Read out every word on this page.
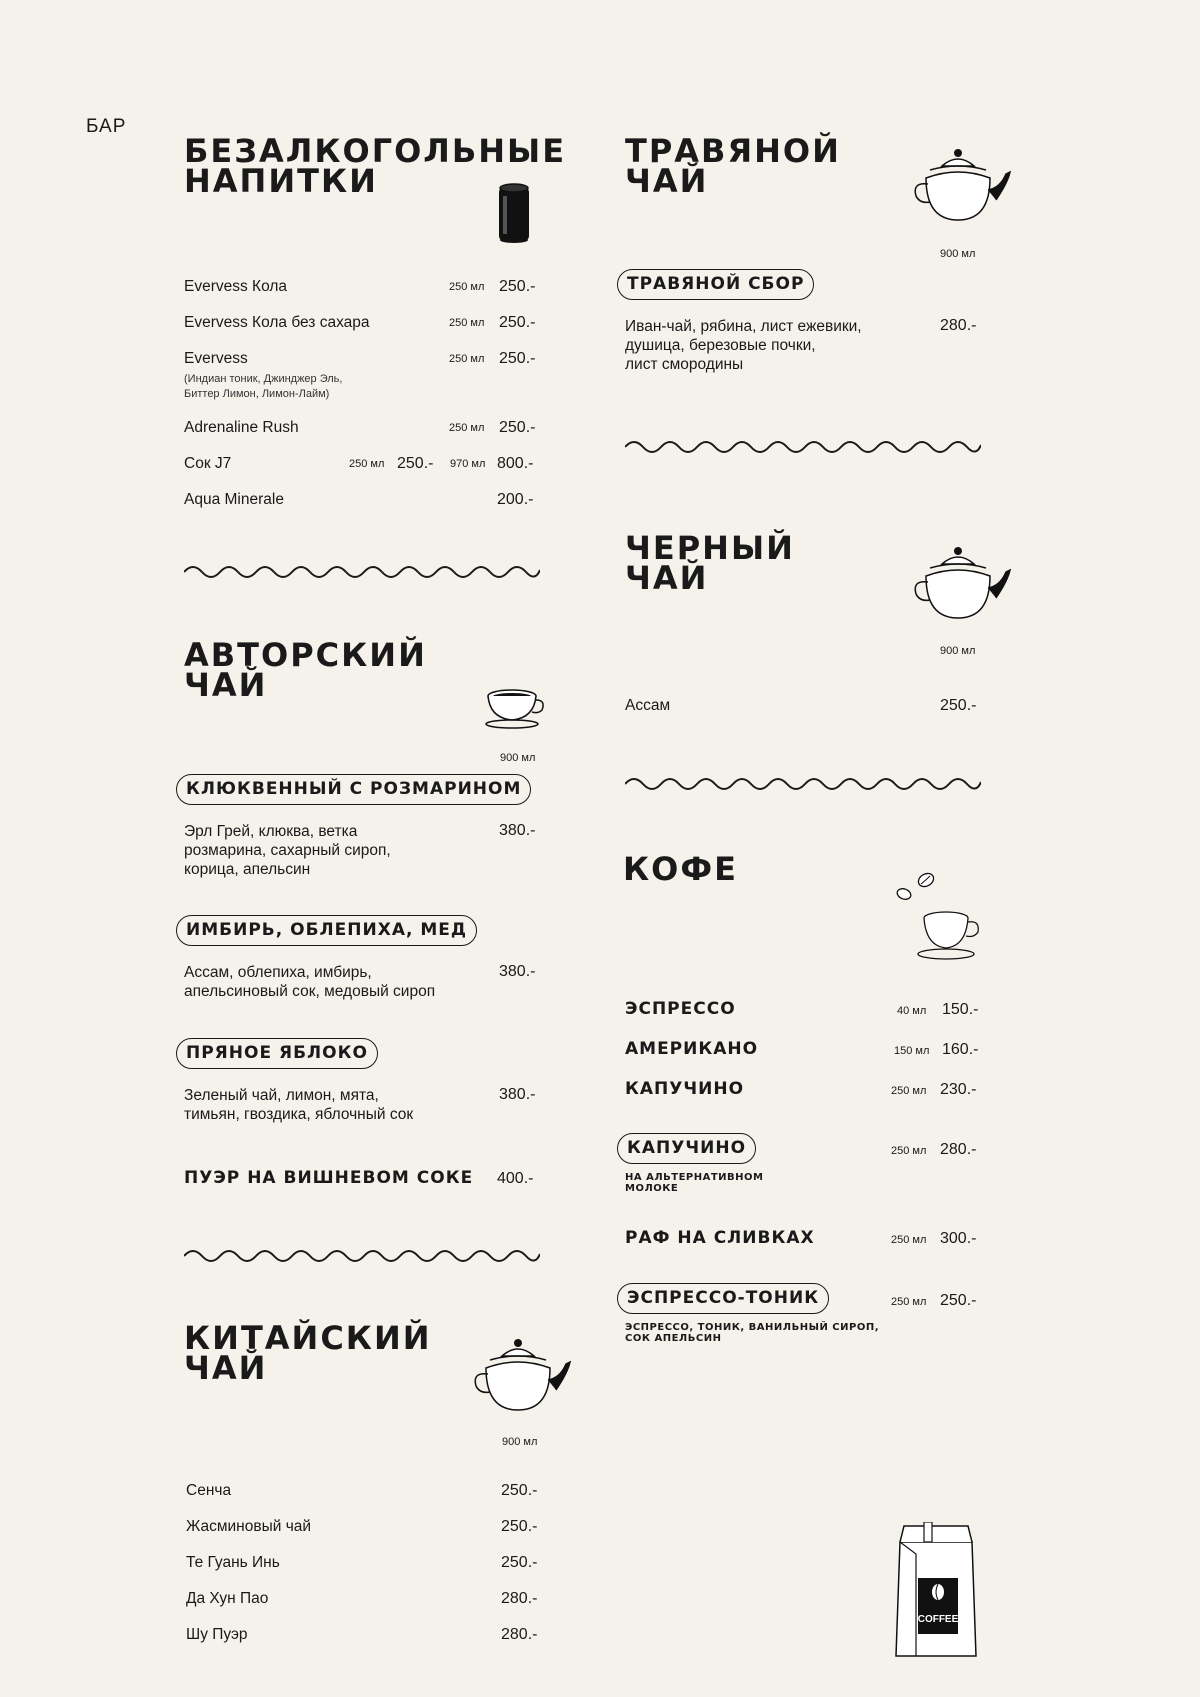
БАР
БЕЗАЛКОГОЛЬНЫЕ
НАПИТКИ
Evervess Кола	250 мл 250.-
Evervess Кола без сахара	250 мл 250.-
Evervess	250 мл 250.-
(Индиан тоник, Джинджер Эль,
Биттер Лимон, Лимон-Лайм)
Adrenaline Rush	250 мл 250.-
Сок J7	250 мл 250.- 970 мл 800.-
Aqua Minerale	200.-
АВТОРСКИЙ
ЧАЙ
900 мл
КЛЮКВЕННЫЙ С РОЗМАРИНОМ
Эрл Грей, клюква, ветка
розмарина, сахарный сироп,
корица, апельсин
380.-
ИМБИРЬ, ОБЛЕПИХА, МЕД
Ассам, облепиха, имбирь,
апельсиновый сок, медовый сироп
380.-
ПРЯНОЕ ЯБЛОКО
Зеленый чай, лимон, мята,
тимьян, гвоздика, яблочный сок
380.-
ПУЭР НА ВИШНЕВОМ СОКЕ 400.-
КИТАЙСКИЙ
ЧАЙ
900 мл
Сенча	250.-
Жасминовый чай	250.-
Те Гуань Инь	250.-
Да Хун Пао	280.-
Шу Пуэр	280.-
ТРАВЯНОЙ
ЧАЙ
900 мл
ТРАВЯНОЙ СБОР
Иван-чай, рябина, лист ежевики,
душица, березовые почки,
лист смородины
280.-
ЧЕРНЫЙ
ЧАЙ
900 мл
Ассам	250.-
КОФЕ
ЭСПРЕССО	40 мл 150.-
АМЕРИКАНО	150 мл 160.-
КАПУЧИНО	250 мл 230.-
КАПУЧИНО	250 мл 280.-
НА АЛЬТЕРНАТИВНОМ
МОЛОКЕ
РАФ НА СЛИВКАХ	250 мл 300.-
ЭСПРЕССО-ТОНИК	250 мл 250.-
ЭСПРЕССО, ТОНИК, ВАНИЛЬНЫЙ СИРОП,
СОК АПЕЛЬСИН
COFFEE
